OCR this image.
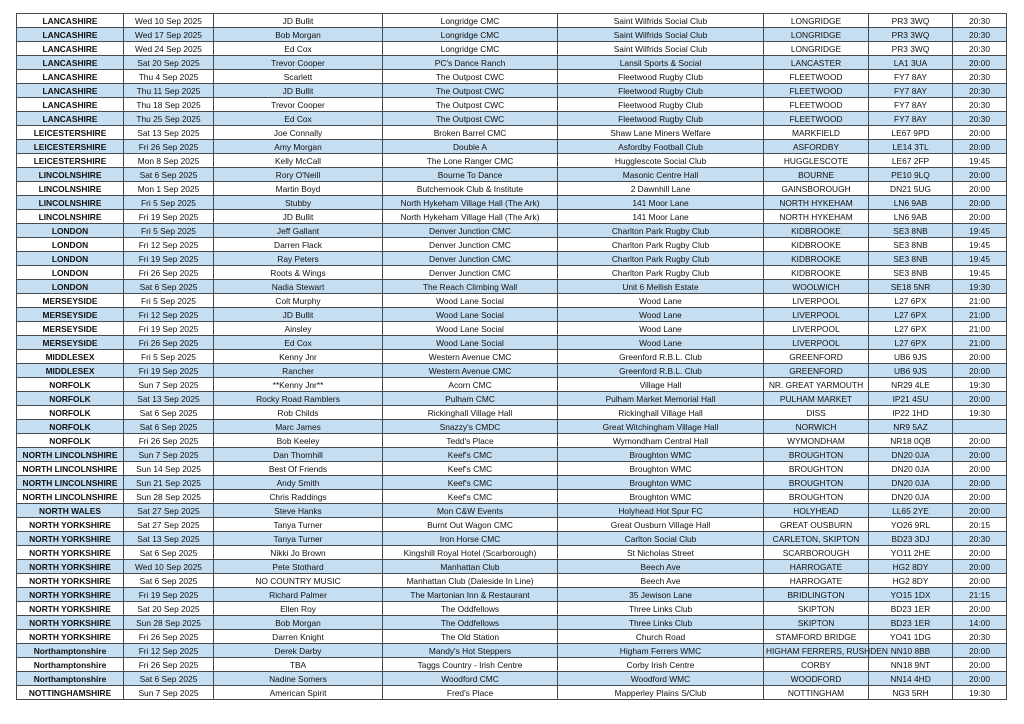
LANCASHIRE	Wed 10 Sep 2025	JD Bullit	Longridge CMC	Saint Wilfrids Social Club	LONGRIDGE	PR3 3WQ	20:30
LANCASHIRE	Wed 17 Sep 2025	Bob Morgan	Longridge CMC	Saint Wilfrids Social Club	LONGRIDGE	PR3 3WQ	20:30
LANCASHIRE	Wed 24 Sep 2025	Ed Cox	Longridge CMC	Saint Wilfrids Social Club	LONGRIDGE	PR3 3WQ	20:30
LANCASHIRE	Sat 20 Sep 2025	Trevor Cooper	PC's Dance Ranch	Lansil Sports & Social	LANCASTER	LA1 3UA	20:00
LANCASHIRE	Thu 4 Sep 2025	Scarlett	The Outpost CWC	Fleetwood Rugby Club	FLEETWOOD	FY7 8AY	20:30
LANCASHIRE	Thu 11 Sep 2025	JD Bullit	The Outpost CWC	Fleetwood Rugby Club	FLEETWOOD	FY7 8AY	20:30
LANCASHIRE	Thu 18 Sep 2025	Trevor Cooper	The Outpost CWC	Fleetwood Rugby Club	FLEETWOOD	FY7 8AY	20:30
LANCASHIRE	Thu 25 Sep 2025	Ed Cox	The Outpost CWC	Fleetwood Rugby Club	FLEETWOOD	FY7 8AY	20:30
LEICESTERSHIRE	Sat 13 Sep 2025	Joe Connally	Broken Barrel CMC	Shaw Lane Miners Welfare	MARKFIELD	LE67 9PD	20:00
LEICESTERSHIRE	Fri 26 Sep 2025	Amy Morgan	Double A	Asfordby Football Club	ASFORDBY	LE14 3TL	20:00
LEICESTERSHIRE	Mon 8 Sep 2025	Kelly McCall	The Lone Ranger CMC	Hugglescote Social Club	HUGGLESCOTE	LE67 2FP	19:45
LINCOLNSHIRE	Sat 6 Sep 2025	Rory O'Neill	Bourne To Dance	Masonic Centre Hall	BOURNE	PE10 9LQ	20:00
LINCOLNSHIRE	Mon 1 Sep 2025	Martin Boyd	Butchernook Club & Institute	2 Dawnhill Lane	GAINSBOROUGH	DN21 5UG	20:00
LINCOLNSHIRE	Fri 5 Sep 2025	Stubby	North Hykeham Village Hall (The Ark)	141 Moor Lane	NORTH HYKEHAM	LN6 9AB	20:00
LINCOLNSHIRE	Fri 19 Sep 2025	JD Bullit	North Hykeham Village Hall (The Ark)	141 Moor Lane	NORTH HYKEHAM	LN6 9AB	20:00
LONDON	Fri 5 Sep 2025	Jeff Gallant	Denver Junction CMC	Charlton Park Rugby Club	KIDBROOKE	SE3 8NB	19:45
LONDON	Fri 12 Sep 2025	Darren Flack	Denver Junction CMC	Charlton Park Rugby Club	KIDBROOKE	SE3 8NB	19:45
LONDON	Fri 19 Sep 2025	Ray Peters	Denver Junction CMC	Charlton Park Rugby Club	KIDBROOKE	SE3 8NB	19:45
LONDON	Fri 26 Sep 2025	Roots & Wings	Denver Junction CMC	Charlton Park Rugby Club	KIDBROOKE	SE3 8NB	19:45
LONDON	Sat 6 Sep 2025	Nadia Stewart	The Reach Climbing Wall	Unit 6 Mellish Estate	WOOLWICH	SE18 5NR	19:30
MERSEYSIDE	Fri 5 Sep 2025	Colt Murphy	Wood Lane Social	Wood Lane	LIVERPOOL	L27 6PX	21:00
MERSEYSIDE	Fri 12 Sep 2025	JD Bullit	Wood Lane Social	Wood Lane	LIVERPOOL	L27 6PX	21:00
MERSEYSIDE	Fri 19 Sep 2025	Ainsley	Wood Lane Social	Wood Lane	LIVERPOOL	L27 6PX	21:00
MERSEYSIDE	Fri 26 Sep 2025	Ed Cox	Wood Lane Social	Wood Lane	LIVERPOOL	L27 6PX	21:00
MIDDLESEX	Fri 5 Sep 2025	Kenny Jnr	Western Avenue CMC	Greenford R.B.L. Club	GREENFORD	UB6 9JS	20:00
MIDDLESEX	Fri 19 Sep 2025	Rancher	Western Avenue CMC	Greenford R.B.L. Club	GREENFORD	UB6 9JS	20:00
NORFOLK	Sun 7 Sep 2025	**Kenny Jnr**	Acorn CMC	Village Hall	NR. GREAT YARMOUTH	NR29 4LE	19:30
NORFOLK	Sat 13 Sep 2025	Rocky Road Ramblers	Pulham CMC	Pulham Market Memorial Hall	PULHAM MARKET	IP21 4SU	20:00
NORFOLK	Sat 6 Sep 2025	Rob Childs	Rickinghall Village Hall	Rickinghall Village Hall	DISS	IP22 1HD	19:30
NORFOLK	Sat 6 Sep 2025	Marc James	Snazzy's CMDC	Great Witchingham Village Hall	NORWICH	NR9 5AZ	
NORFOLK	Fri 26 Sep 2025	Bob Keeley	Tedd's Place	Wymondham Central Hall	WYMONDHAM	NR18 0QB	20:00
NORTH LINCOLNSHIRE	Sun 7 Sep 2025	Dan Thornhill	Keef's CMC	Broughton WMC	BROUGHTON	DN20 0JA	20:00
NORTH LINCOLNSHIRE	Sun 14 Sep 2025	Best Of Friends	Keef's CMC	Broughton WMC	BROUGHTON	DN20 0JA	20:00
NORTH LINCOLNSHIRE	Sun 21 Sep 2025	Andy Smith	Keef's CMC	Broughton WMC	BROUGHTON	DN20 0JA	20:00
NORTH LINCOLNSHIRE	Sun 28 Sep 2025	Chris Raddings	Keef's CMC	Broughton WMC	BROUGHTON	DN20 0JA	20:00
NORTH WALES	Sat 27 Sep 2025	Steve Hanks	Mon C&W Events	Holyhead Hot Spur FC	HOLYHEAD	LL65 2YE	20:00
NORTH YORKSHIRE	Sat 27 Sep 2025	Tanya Turner	Burnt Out Wagon CMC	Great Ousburn Village Hall	GREAT OUSBURN	YO26 9RL	20:15
NORTH YORKSHIRE	Sat 13 Sep 2025	Tanya Turner	Iron Horse CMC	Carlton Social Club	CARLETON, SKIPTON	BD23 3DJ	20:30
NORTH YORKSHIRE	Sat 6 Sep 2025	Nikki Jo Brown	Kingshill Royal Hotel (Scarborough)	St Nicholas Street	SCARBOROUGH	YO11 2HE	20:00
NORTH YORKSHIRE	Wed 10 Sep 2025	Pete Stothard	Manhattan Club	Beech Ave	HARROGATE	HG2 8DY	20:00
NORTH YORKSHIRE	Sat 6 Sep 2025	NO COUNTRY MUSIC	Manhattan Club (Daleside In Line)	Beech Ave	HARROGATE	HG2 8DY	20:00
NORTH YORKSHIRE	Fri 19 Sep 2025	Richard Palmer	The Martonian Inn & Restaurant	35 Jewison Lane	BRIDLINGTON	YO15 1DX	21:15
NORTH YORKSHIRE	Sat 20 Sep 2025	Ellen Roy	The Oddfellows	Three Links Club	SKIPTON	BD23 1ER	20:00
NORTH YORKSHIRE	Sun 28 Sep 2025	Bob Morgan	The Oddfellows	Three Links Club	SKIPTON	BD23 1ER	14:00
NORTH YORKSHIRE	Fri 26 Sep 2025	Darren Knight	The Old Station	Church Road	STAMFORD BRIDGE	YO41 1DG	20:30
Northamptonshire	Fri 12 Sep 2025	Derek Darby	Mandy's Hot Steppers	Higham Ferrers WMC	HIGHAM FERRERS, RUSHDEN	NN10 8BB	20:00
Northamptonshire	Fri 26 Sep 2025	TBA	Taggs Country - Irish Centre	Corby Irish Centre	CORBY	NN18 9NT	20:00
Northamptonshire	Sat 6 Sep 2025	Nadine Somers	Woodford CMC	Woodford WMC	WOODFORD	NN14 4HD	20:00
NOTTINGHAMSHIRE	Sun 7 Sep 2025	American Spirit	Fred's Place	Mapperley Plains S/Club	NOTTINGHAM	NG3 5RH	19:30
